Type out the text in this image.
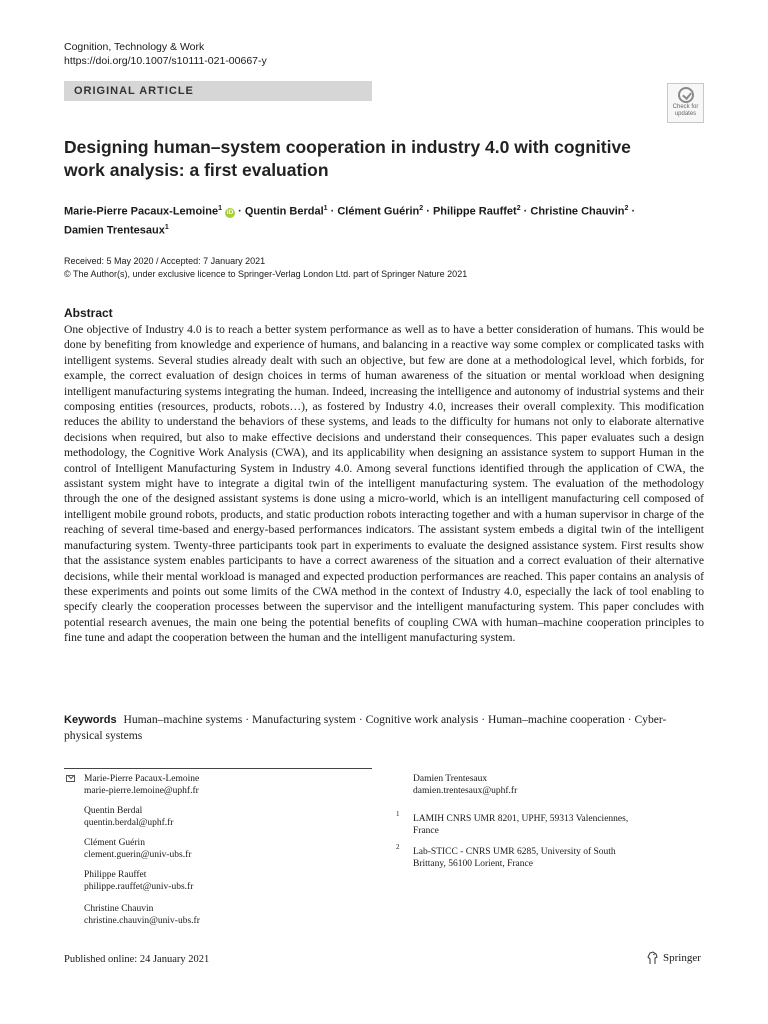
Cognition, Technology & Work
https://doi.org/10.1007/s10111-021-00667-y
ORIGINAL ARTICLE
Check for
updates
Designing human–system cooperation in industry 4.0 with cognitive
work analysis: a first evaluation
Marie-Pierre Pacaux-Lemoine$^1$ iD · Quentin Berdal$^1$ · Clément Guérin$^2$ · Philippe Rauffet$^2$ · Christine Chauvin$^2$ ·
Damien Trentesaux$^1$
Received: 5 May 2020 / Accepted: 7 January 2021
© The Author(s), under exclusive licence to Springer-Verlag London Ltd. part of Springer Nature 2021
Abstract
One objective of Industry 4.0 is to reach a better system performance as well as to have a better consideration of humans. This would be done by benefiting from knowledge and experience of humans, and balancing in a reactive way some complex or complicated tasks with intelligent systems. Several studies already dealt with such an objective, but few are done at a methodological level, which forbids, for example, the correct evaluation of design choices in terms of human awareness of the situation or mental workload when designing intelligent manufacturing systems integrating the human. Indeed, increasing the intelligence and autonomy of industrial systems and their composing entities (resources, products, robots…), as fostered by Industry 4.0, increases their overall complexity. This modification reduces the ability to understand the behaviors of these systems, and leads to the difficulty for humans not only to elaborate alternative decisions when required, but also to make effective decisions and understand their consequences. This paper evaluates such a design methodology, the Cognitive Work Analysis (CWA), and its applicability when designing an assistance system to support Human in the control of Intelligent Manufacturing System in Industry 4.0. Among several functions identified through the application of CWA, the assistant system might have to integrate a digital twin of the intelligent manufacturing system. The evaluation of the methodology through the one of the designed assistant systems is done using a micro-world, which is an intelligent manufacturing cell composed of intelligent mobile ground robots, products, and static production robots interacting together and with a human supervisor in charge of the reaching of several time-based and energy-based performances indicators. The assistant system embeds a digital twin of the intelligent manufacturing system. Twenty-three participants took part in experiments to evaluate the designed assistance system. First results show that the assistance system enables participants to have a correct awareness of the situation and a correct evaluation of their alternative decisions, while their mental workload is managed and expected production performances are reached. This paper contains an analysis of these experiments and points out some limits of the CWA method in the context of Industry 4.0, especially the lack of tool enabling to specify clearly the cooperation processes between the supervisor and the intelligent manufacturing system. This paper concludes with potential research avenues, the main one being the potential benefits of coupling CWA with human–machine cooperation principles to fine tune and adapt the cooperation between the human and the intelligent manufacturing system.
Keywords Human–machine systems · Manufacturing system · Cognitive work analysis · Human–machine cooperation · Cyber-physical systems
Marie-Pierre Pacaux-Lemoine
marie-pierre.lemoine@uphf.fr
Quentin Berdal
quentin.berdal@uphf.fr
Clément Guérin
clement.guerin@univ-ubs.fr
Philippe Rauffet
philippe.rauffet@univ-ubs.fr
Christine Chauvin
christine.chauvin@univ-ubs.fr
Damien Trentesaux
damien.trentesaux@uphf.fr
1 LAMIH CNRS UMR 8201, UPHF, 59313 Valenciennes,
France
2 Lab-STICC - CNRS UMR 6285, University of South
Brittany, 56100 Lorient, France
Published online: 24 January 2021	Springer
